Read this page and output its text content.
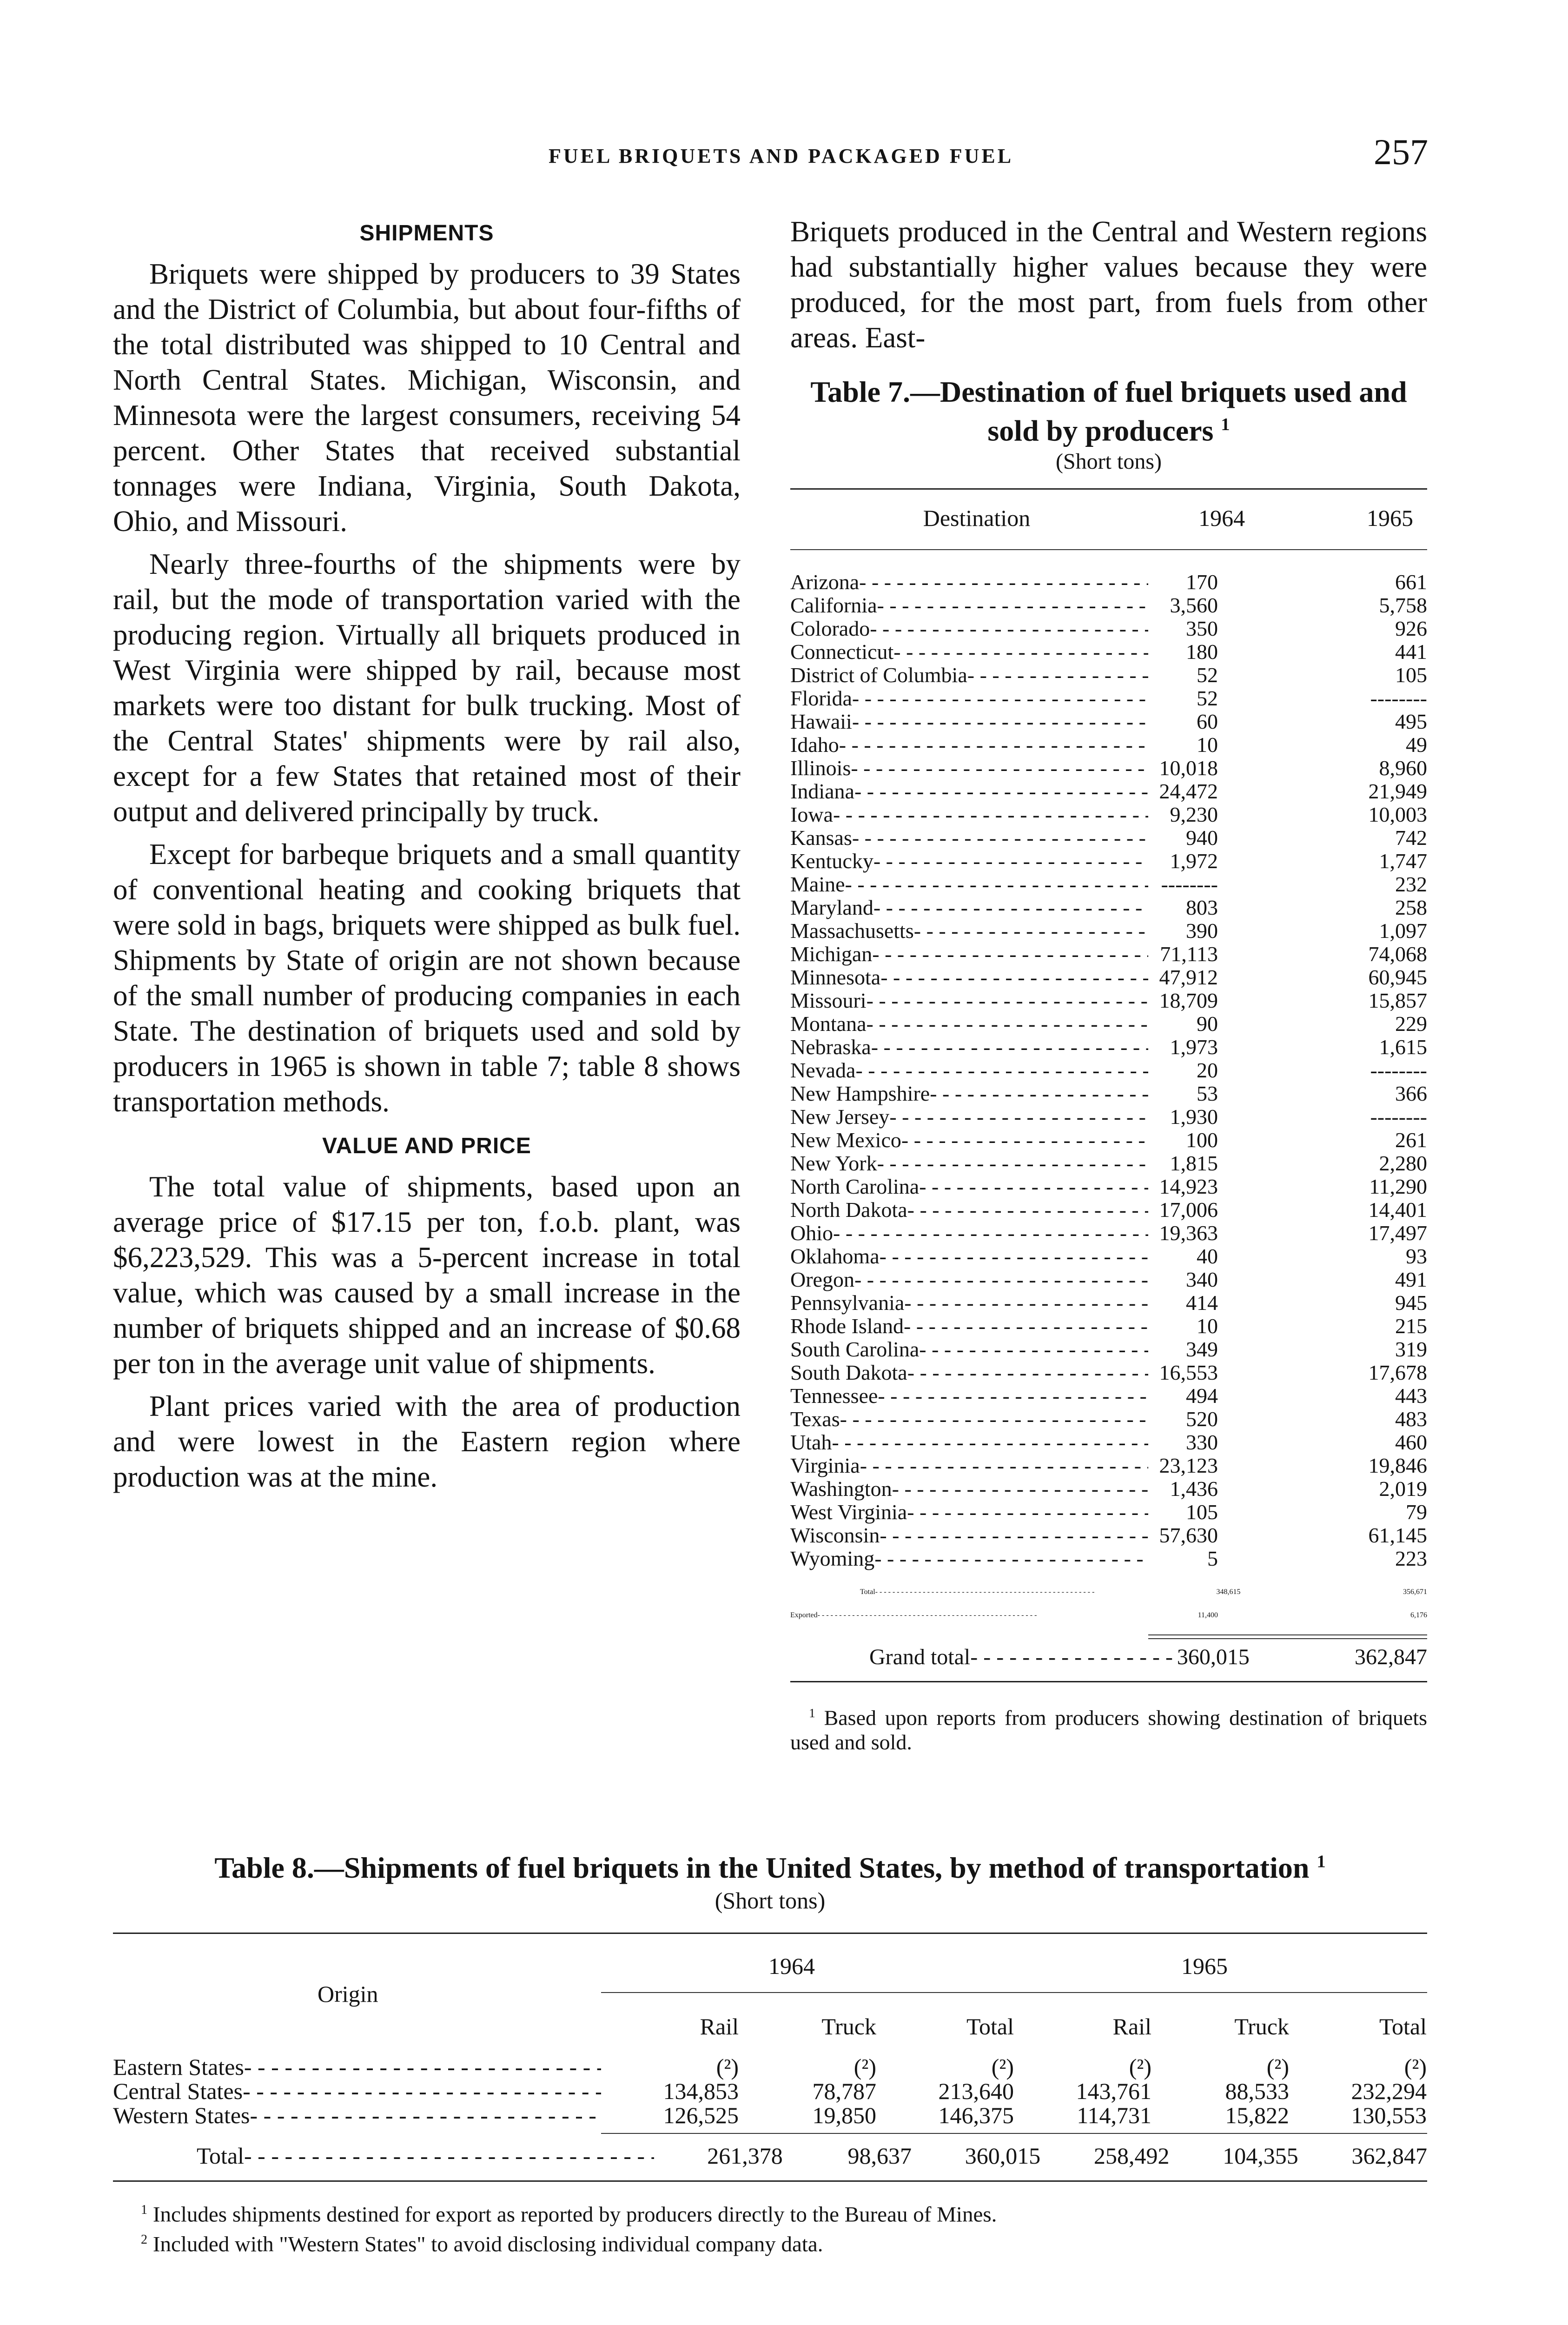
FUEL BRIQUETS AND PACKAGED FUEL	257
SHIPMENTS

Briquets were shipped by producers to 39 States and the District of Columbia, but about four-fifths of the total distributed was shipped to 10 Central and North Central States. Michigan, Wisconsin, and Minnesota were the largest consumers, receiving 54 percent. Other States that received substantial tonnages were Indiana, Virginia, South Dakota, Ohio, and Missouri.

Nearly three-fourths of the shipments were by rail, but the mode of transportation varied with the producing region. Virtually all briquets produced in West Virginia were shipped by rail, because most markets were too distant for bulk trucking. Most of the Central States' shipments were by rail also, except for a few States that retained most of their output and delivered principally by truck.

Except for barbeque briquets and a small quantity of conventional heating and cooking briquets that were sold in bags, briquets were shipped as bulk fuel. Shipments by State of origin are not shown because of the small number of producing companies in each State. The destination of briquets used and sold by producers in 1965 is shown in table 7; table 8 shows transportation methods.

VALUE AND PRICE

The total value of shipments, based upon an average price of $17.15 per ton, f.o.b. plant, was $6,223,529. This was a 5-percent increase in total value, which was caused by a small increase in the number of briquets shipped and an increase of $0.68 per ton in the average unit value of shipments.

Plant prices varied with the area of production and were lowest in the Eastern region where production was at the mine.

Briquets produced in the Central and Western regions had substantially higher values because they were produced, for the most part, from fuels from other areas. East-

Table 7.—Destination of fuel briquets used and sold by producers $^1$
(Short tons)
Destination	1964	1965
Arizona - - -	170	661
California - - -	3,560	5,758
Colorado - - -	350	926
Connecticut - - -	180	441
District of Columbia - - -	52	105
Florida - - -	52	--------
Hawaii - - -	60	495
Idaho - - -	10	49
Illinois - - -	10,018	8,960
Indiana - - -	24,472	21,949
Iowa - - -	9,230	10,003
Kansas - - -	940	742
Kentucky - - -	1,972	1,747
Maine - - -	--------	232
Maryland - - -	803	258
Massachusetts - - -	390	1,097
Michigan - - -	71,113	74,068
Minnesota - - -	47,912	60,945
Missouri - - -	18,709	15,857
Montana - - -	90	229
Nebraska - - -	1,973	1,615
Nevada - - -	20	--------
New Hampshire - - -	53	366
New Jersey - - -	1,930	--------
New Mexico - - -	100	261
New York - - -	1,815	2,280
North Carolina - - -	14,923	11,290
North Dakota - - -	17,006	14,401
Ohio - - -	19,363	17,497
Oklahoma - - -	40	93
Oregon - - -	340	491
Pennsylvania - - -	414	945
Rhode Island - - -	10	215
South Carolina - - -	349	319
South Dakota - - -	16,553	17,678
Tennessee - - -	494	443
Texas - - -	520	483
Utah - - -	330	460
Virginia - - -	23,123	19,846
Washington - - -	1,436	2,019
West Virginia - - -	105	79
Wisconsin - - -	57,630	61,145
Wyoming - - -	5	223
Total - - -	348,615	356,671
Exported - - -	11,400	6,176
Grand total - - -	360,015	362,847
$^1$ Based upon reports from producers showing destination of briquets used and sold.
Table 8.—Shipments of fuel briquets in the United States, by method of transportation $^1$
(Short tons)
Origin
1964	1965
Rail	Truck	Total	Rail	Truck	Total
Eastern States - - -	(²)	(²)	(²)	(²)	(²)	(²)
Central States - - -	134,853	78,787	213,640	143,761	88,533	232,294
Western States - - -	126,525	19,850	146,375	114,731	15,822	130,553
Total - - -	261,378	98,637	360,015	258,492	104,355	362,847
$^1$ Includes shipments destined for export as reported by producers directly to the Bureau of Mines.
$^2$ Included with "Western States" to avoid disclosing individual company data.
